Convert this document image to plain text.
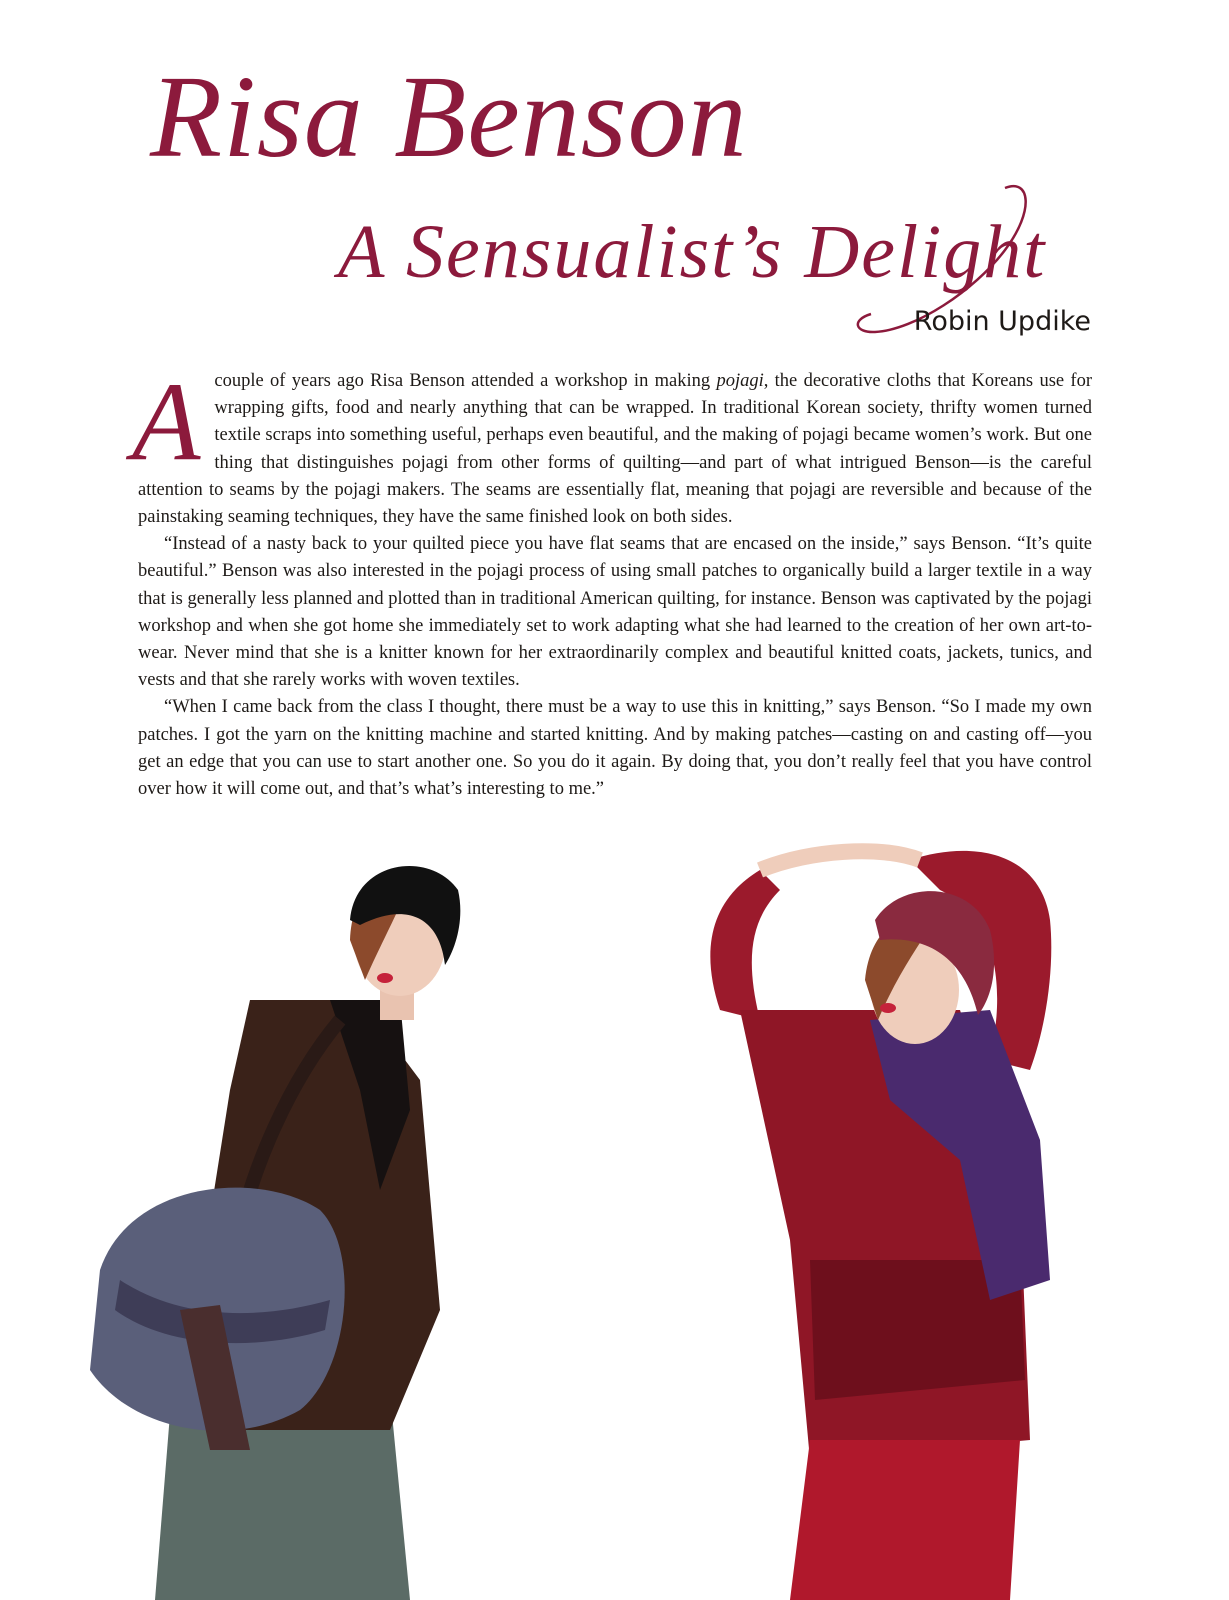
Risa Benson
A Sensualist’s Delight
Robin Updike

Acouple of years ago Risa Benson attended a workshop in making pojagi, the decorative cloths that Koreans use for wrapping gifts, food and nearly anything that can be wrapped. In traditional Korean society, thrifty women turned textile scraps into something useful, perhaps even beautiful, and the making of pojagi became women’s work. But one thing that distinguishes pojagi from other forms of quilting—and part of what intrigued Benson—is the careful attention to seams by the pojagi makers. The seams are essentially flat, meaning that pojagi are reversible and because of the painstaking seaming techniques, they have the same finished look on both sides.

“Instead of a nasty back to your quilted piece you have flat seams that are encased on the inside,” says Benson. “It’s quite beautiful.” Benson was also interested in the pojagi process of using small patches to organically build a larger textile in a way that is generally less planned and plotted than in traditional American quilting, for instance. Benson was captivated by the pojagi workshop and when she got home she immediately set to work adapting what she had learned to the creation of her own art-to-wear. Never mind that she is a knitter known for her extraordinarily complex and beautiful knitted coats, jackets, tunics, and vests and that she rarely works with woven textiles.

“When I came back from the class I thought, there must be a way to use this in knitting,” says Benson. “So I made my own patches. I got the yarn on the knitting machine and started knitting. And by making patches—casting on and casting off—you get an edge that you can use to start another one. So you do it again. By doing that, you don’t really feel that you have control over how it will come out, and that’s what’s interesting to me.”
